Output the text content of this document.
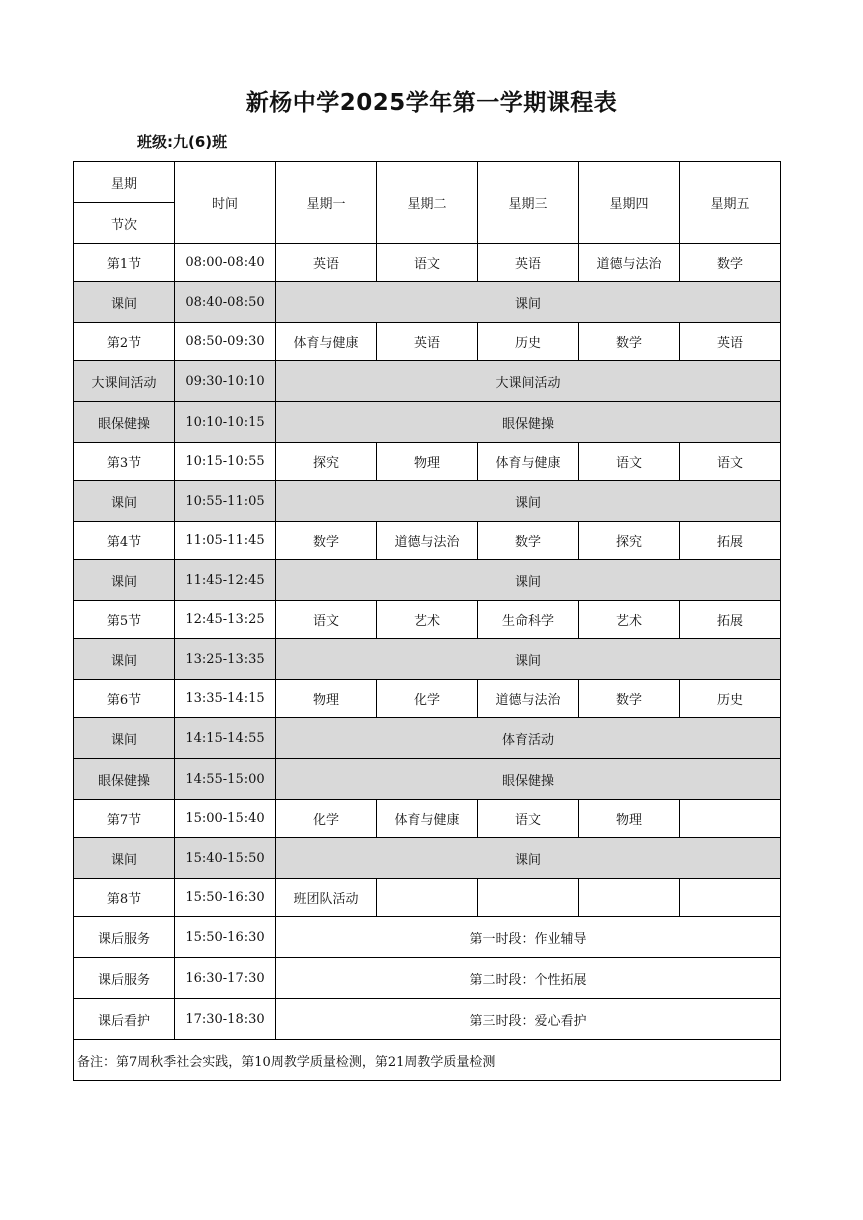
新杨中学2025学年第一学期课程表
班级:九(6)班
星期	时间	星期一	星期二	星期三	星期四	星期五
节次						
第1节	08:00-08:40	英语	语文	英语	道德与法治	数学
课间	08:40-08:50	课间				
第2节	08:50-09:30	体育与健康	英语	历史	数学	英语
大课间活动	09:30-10:10	大课间活动				
眼保健操	10:10-10:15	眼保健操				
第3节	10:15-10:55	探究	物理	体育与健康	语文	语文
课间	10:55-11:05	课间				
第4节	11:05-11:45	数学	道德与法治	数学	探究	拓展
课间	11:45-12:45	课间				
第5节	12:45-13:25	语文	艺术	生命科学	艺术	拓展
课间	13:25-13:35	课间				
第6节	13:35-14:15	物理	化学	道德与法治	数学	历史
课间	14:15-14:55	体育活动				
眼保健操	14:55-15:00	眼保健操				
第7节	15:00-15:40	化学	体育与健康	语文	物理	
课间	15:40-15:50	课间				
第8节	15:50-16:30	班团队活动				
课后服务	15:50-16:30	第一时段：作业辅导				
课后服务	16:30-17:30	第二时段：个性拓展				
课后看护	17:30-18:30	第三时段：爱心看护				
备注：第7周秋季社会实践，第10周教学质量检测，第21周教学质量检测						
